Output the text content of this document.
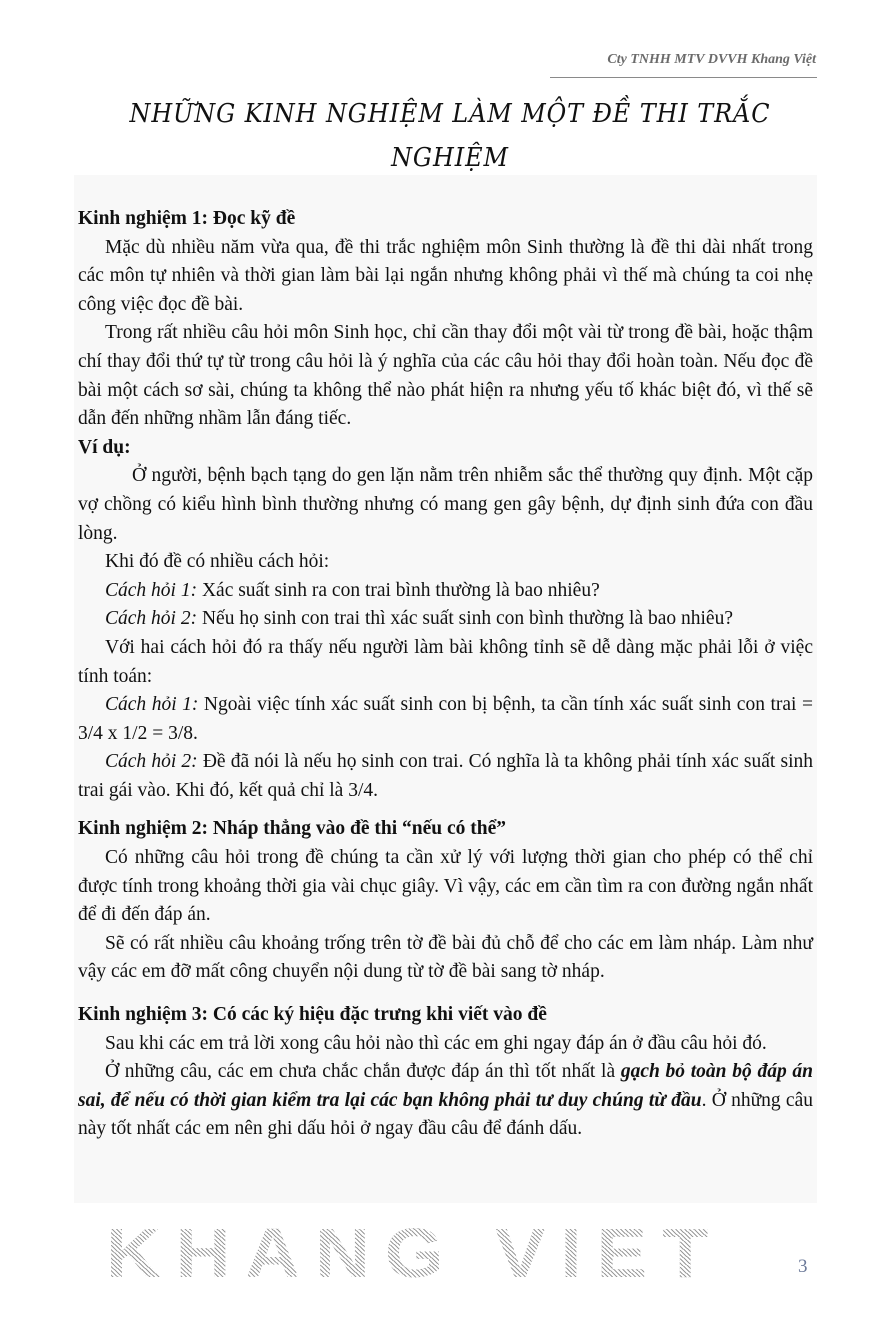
Cty TNHH MTV DVVH Khang Việt
NHỮNG KINH NGHIỆM LÀM MỘT ĐỀ THI TRẮC NGHIỆM

Kinh nghiệm 1: Đọc kỹ đề

Mặc dù nhiều năm vừa qua, đề thi trắc nghiệm môn Sinh thường là đề thi dài nhất trong các môn tự nhiên và thời gian làm bài lại ngắn nhưng không phải vì thế mà chúng ta coi nhẹ công việc đọc đề bài.

Trong rất nhiều câu hỏi môn Sinh học, chỉ cần thay đổi một vài từ trong đề bài, hoặc thậm chí thay đổi thứ tự từ trong câu hỏi là ý nghĩa của các câu hỏi thay đổi hoàn toàn. Nếu đọc đề bài một cách sơ sài, chúng ta không thể nào phát hiện ra nhưng yếu tố khác biệt đó, vì thế sẽ dẫn đến những nhầm lẫn đáng tiếc.

Ví dụ:

Ở người, bệnh bạch tạng do gen lặn nằm trên nhiễm sắc thể thường quy định. Một cặp vợ chồng có kiểu hình bình thường nhưng có mang gen gây bệnh, dự định sinh đứa con đầu lòng.

Khi đó đề có nhiều cách hỏi:

Cách hỏi 1: Xác suất sinh ra con trai bình thường là bao nhiêu?

Cách hỏi 2: Nếu họ sinh con trai thì xác suất sinh con bình thường là bao nhiêu?

Với hai cách hỏi đó ra thấy nếu người làm bài không tỉnh sẽ dễ dàng mặc phải lỗi ở việc tính toán:

Cách hỏi 1: Ngoài việc tính xác suất sinh con bị bệnh, ta cần tính xác suất sinh con trai = 3/4 x 1/2 = 3/8.

Cách hỏi 2: Đề đã nói là nếu họ sinh con trai. Có nghĩa là ta không phải tính xác suất sinh trai gái vào. Khi đó, kết quả chỉ là 3/4.

Kinh nghiệm 2: Nháp thẳng vào đề thi “nếu có thể”

Có những câu hỏi trong đề chúng ta cần xử lý với lượng thời gian cho phép có thể chỉ được tính trong khoảng thời gia vài chục giây. Vì vậy, các em cần tìm ra con đường ngắn nhất để đi đến đáp án.

Sẽ có rất nhiều câu khoảng trống trên tờ đề bài đủ chỗ để cho các em làm nháp. Làm như vậy các em đỡ mất công chuyển nội dung từ tờ đề bài sang tờ nháp.

Kinh nghiệm 3: Có các ký hiệu đặc trưng khi viết vào đề

Sau khi các em trả lời xong câu hỏi nào thì các em ghi ngay đáp án ở đầu câu hỏi đó.

Ở những câu, các em chưa chắc chắn được đáp án thì tốt nhất là gạch bỏ toàn bộ đáp án sai, để nếu có thời gian kiểm tra lại các bạn không phải tư duy chúng từ đầu. Ở những câu này tốt nhất các em nên ghi dấu hỏi ở ngay đầu câu để đánh dấu.

KHANG VIET	3
